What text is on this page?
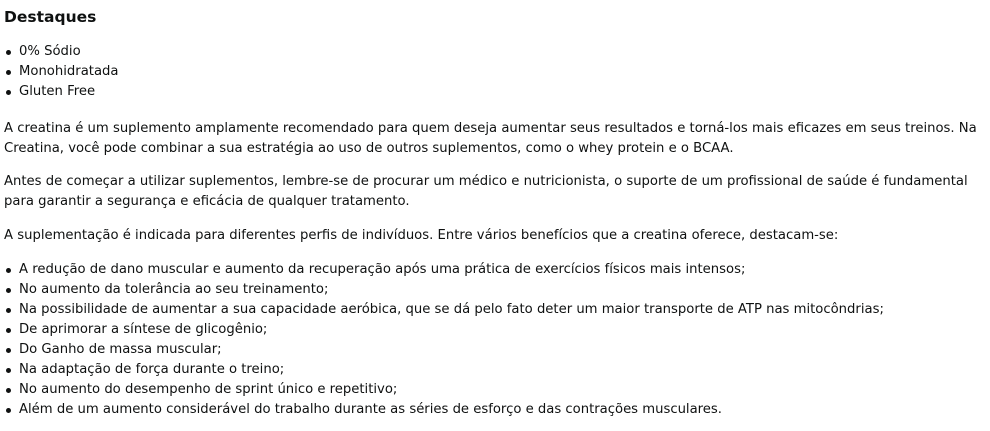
Destaques
0% Sódio
Monohidratada
Gluten Free

A creatina é um suplemento amplamente recomendado para quem deseja aumentar seus resultados e torná-los mais eficazes em seus treinos. Na Creatina, você pode combinar a sua estratégia ao uso de outros suplementos, como o whey protein e o BCAA.

Antes de começar a utilizar suplementos, lembre-se de procurar um médico e nutricionista, o suporte de um profissional de saúde é fundamental para garantir a segurança e eficácia de qualquer tratamento.

A suplementação é indicada para diferentes perfis de indivíduos. Entre vários benefícios que a creatina oferece, destacam-se:

A redução de dano muscular e aumento da recuperação após uma prática de exercícios físicos mais intensos;
No aumento da tolerância ao seu treinamento;
Na possibilidade de aumentar a sua capacidade aeróbica, que se dá pelo fato deter um maior transporte de ATP nas mitocôndrias;
De aprimorar a síntese de glicogênio;
Do Ganho de massa muscular;
Na adaptação de força durante o treino;
No aumento do desempenho de sprint único e repetitivo;
Além de um aumento considerável do trabalho durante as séries de esforço e das contrações musculares.
